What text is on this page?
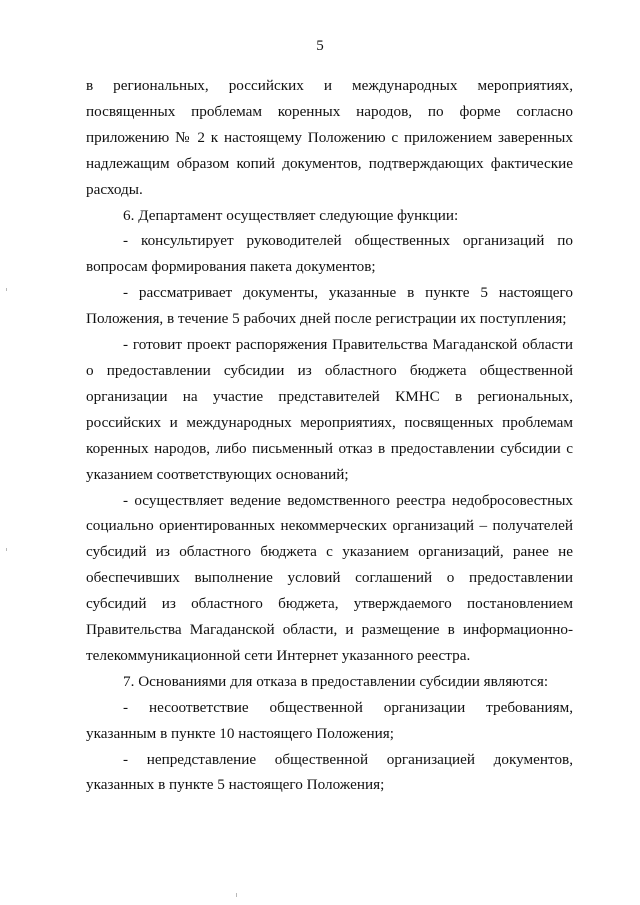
5

в региональных, российских и международных мероприятиях, посвященных проблемам коренных народов, по форме согласно приложению № 2 к настоящему Положению с приложением заверенных надлежащим образом копий документов, подтверждающих фактические расходы.

6. Департамент осуществляет следующие функции:

- консультирует руководителей общественных организаций по вопросам формирования пакета документов;

- рассматривает документы, указанные в пункте 5 настоящего Положения, в течение 5 рабочих дней после регистрации их поступления;

- готовит проект распоряжения Правительства Магаданской области о предоставлении субсидии из областного бюджета общественной организации на участие представителей КМНС в региональных, российских и международных мероприятиях, посвященных проблемам коренных народов, либо письменный отказ в предоставлении субсидии с указанием соответствующих оснований;

- осуществляет ведение ведомственного реестра недобросовестных социально ориентированных некоммерческих организаций – получателей субсидий из областного бюджета с указанием организаций, ранее не обеспечивших выполнение условий соглашений о предоставлении субсидий из областного бюджета, утверждаемого постановлением Правительства Магаданской области, и размещение в информационно-телекоммуникационной сети Интернет указанного реестра.

7. Основаниями для отказа в предоставлении субсидии являются:

- несоответствие общественной организации требованиям, указанным в пункте 10 настоящего Положения;

- непредставление общественной организацией документов, указанных в пункте 5 настоящего Положения;
